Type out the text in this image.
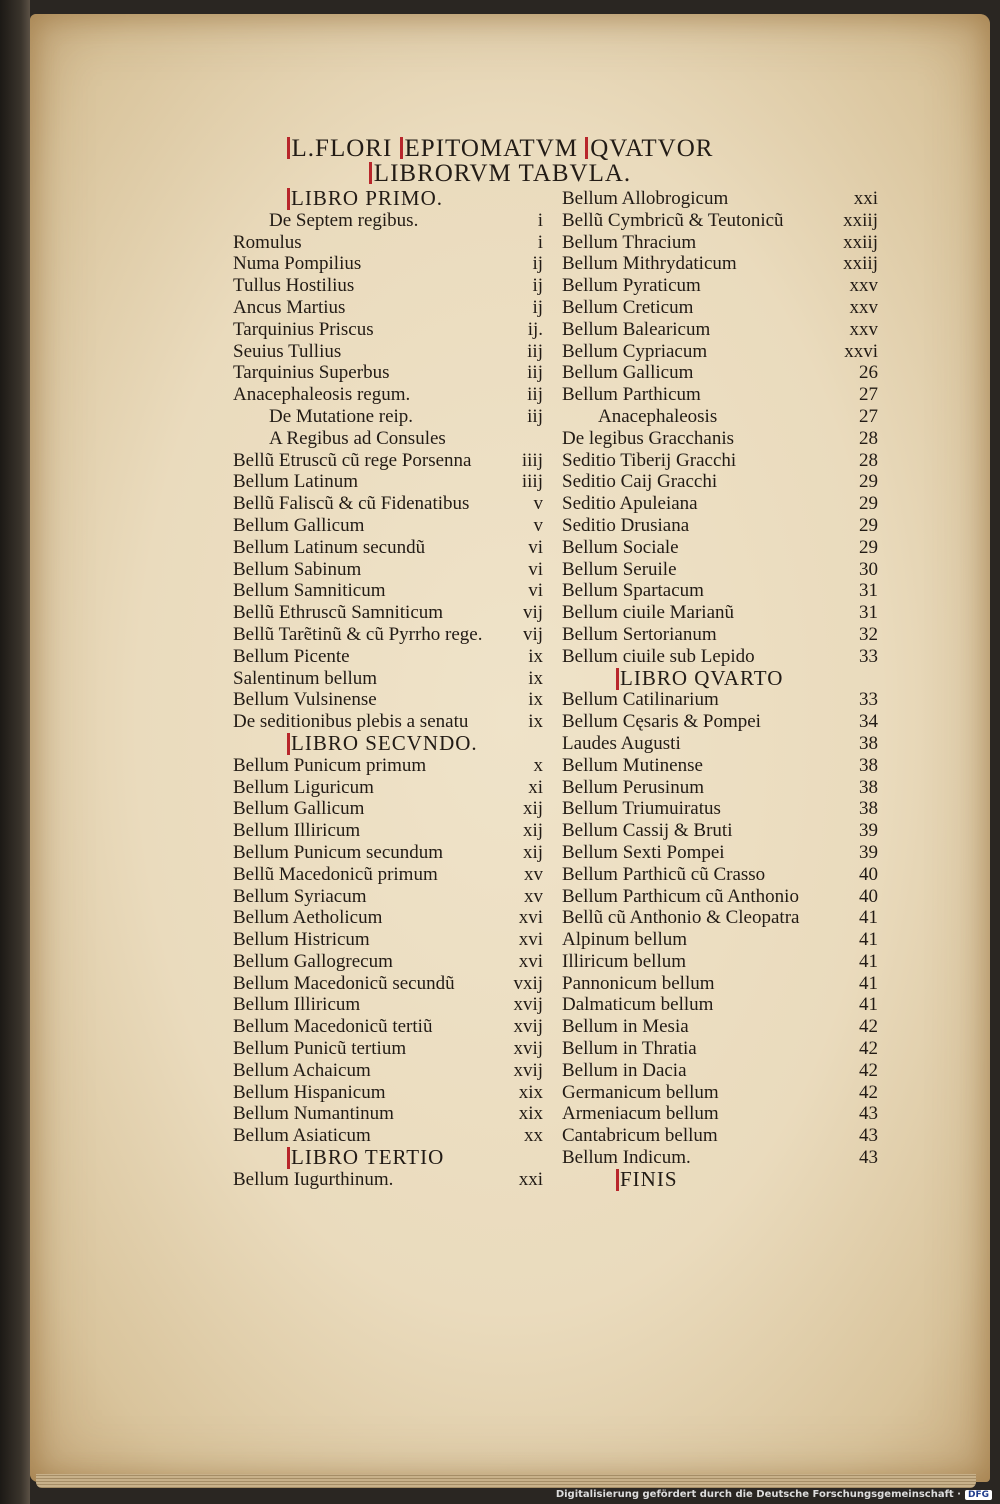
L.FLORI EPITOMATVM QVATVOR
LIBRORVM TABVLA.
LIBRO PRIMO.
De Septem regibus.	i
Romulus	i
Numa Pompilius	ij
Tullus Hostilius	ij
Ancus Martius	ij
Tarquinius Priscus	ij.
Seuius Tullius	iij
Tarquinius Superbus	iij
Anacephaleosis regum.	iij
De Mutatione reip.	iij
A Regibus ad Consules
Bellũ Etruscũ cũ rege Porsenna	iiij
Bellum Latinum	iiij
Bellũ Faliscũ & cũ Fidenatibus	v
Bellum Gallicum	v
Bellum Latinum secundũ	vi
Bellum Sabinum	vi
Bellum Samniticum	vi
Bellũ Ethruscũ Samniticum	vij
Bellũ Tarẽtinũ & cũ Pyrrho rege. vij
Bellum Picente	ix
Salentinum bellum	ix
Bellum Vulsinense	ix
De seditionibus plebis a senatu	ix
LIBRO SECVNDO.
Bellum Punicum primum	x
Bellum Liguricum	xi
Bellum Gallicum	xij
Bellum Illiricum	xij
Bellum Punicum secundum	xij
Bellũ Macedonicũ primum	xv
Bellum Syriacum	xv
Bellum Aetholicum	xvi
Bellum Histricum	xvi
Bellum Gallogrecum	xvi
Bellum Macedonicũ secundũ	vxij
Bellum Illiricum	xvij
Bellum Macedonicũ tertiũ	xvij
Bellum Punicũ tertium	xvij
Bellum Achaicum	xvij
Bellum Hispanicum	xix
Bellum Numantinum	xix
Bellum Asiaticum	xx
LIBRO TERTIO
Bellum Iugurthinum.	xxi
Bellum Allobrogicum	xxi
Bellũ Cymbricũ & Teutonicũ	xxiij
Bellum Thracium	xxiij
Bellum Mithrydaticum	xxiij
Bellum Pyraticum	xxv
Bellum Creticum	xxv
Bellum Balearicum	xxv
Bellum Cypriacum	xxvi
Bellum Gallicum	26
Bellum Parthicum	27
Anacephaleosis	27
De legibus Gracchanis	28
Seditio Tiberij Gracchi	28
Seditio Caij Gracchi	29
Seditio Apuleiana	29
Seditio Drusiana	29
Bellum Sociale	29
Bellum Seruile	30
Bellum Spartacum	31
Bellum ciuile Marianũ	31
Bellum Sertorianum	32
Bellum ciuile sub Lepido	33
LIBRO QVARTO
Bellum Catilinarium	33
Bellum Cęsaris & Pompei	34
Laudes Augusti	38
Bellum Mutinense	38
Bellum Perusinum	38
Bellum Triumuiratus	38
Bellum Cassij & Bruti	39
Bellum Sexti Pompei	39
Bellum Parthicũ cũ Crasso	40
Bellum Parthicum cũ Anthonio	40
Bellũ cũ Anthonio & Cleopatra	41
Alpinum bellum	41
Illiricum bellum	41
Pannonicum bellum	41
Dalmaticum bellum	41
Bellum in Mesia	42
Bellum in Thratia	42
Bellum in Dacia	42
Germanicum bellum	42
Armeniacum bellum	43
Cantabricum bellum	43
Bellum Indicum.	43
FINIS
Digitalisierung gefördert durch die Deutsche Forschungsgemeinschaft · DFG
